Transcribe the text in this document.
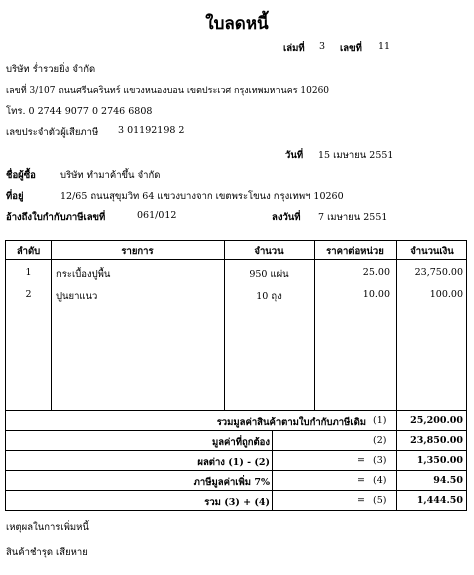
ใบลดหนี้
เล่มที่ 3 เลขที่ 11
บริษัท ร่ำรวยยิ่ง จำกัด
เลขที่ 3/107 ถนนศรีนครินทร์ แขวงหนองบอน เขตประเวศ กรุงเทพมหานคร 10260
โทร. 0 2744 9077 0 2746 6808
เลขประจำตัวผู้เสียภาษี 3 01192198 2
วันที่ 15 เมษายน 2551
ชื่อผู้ซื้อ	บริษัท ทำมาค้าขึ้น จำกัด
ที่อยู่	12/65 ถนนสุขุมวิท 64 แขวงบางจาก เขตพระโขนง กรุงเทพฯ 10260
อ้างถึงใบกำกับภาษีเลขที่	061/012	ลงวันที่ 7 เมษายน 2551
ลำดับ	รายการ	จำนวน	ราคาต่อหน่วย	จำนวนเงิน
1	กระเบื้องปูพื้น	950 แผ่น	25.00	23,750.00
2	ปูนยาแนว	10 ถุง	10.00	100.00
รวมมูลค่าสินค้าตามใบกำกับภาษีเดิม (1)	25,200.00
มูลค่าที่ถูกต้อง	(2)	23,850.00
ผลต่าง (1) - (2)	= (3)	1,350.00
ภาษีมูลค่าเพิ่ม 7%	= (4)	94.50
รวม (3) + (4)	= (5)	1,444.50
เหตุผลในการเพิ่มหนี้
สินค้าชำรุด เสียหาย
